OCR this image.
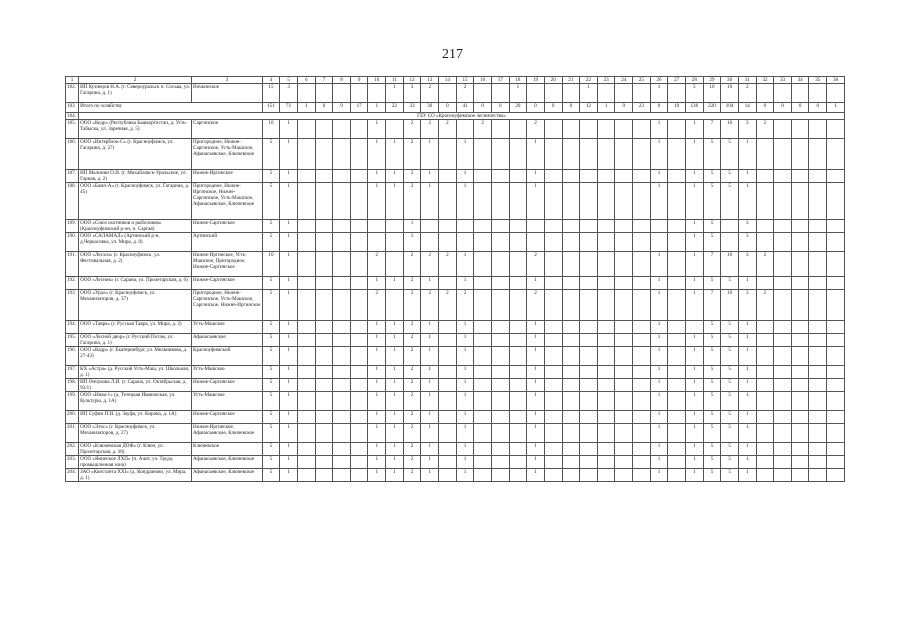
217
1	2	3	4	5	6	7	8	9	10	11	12	13	14	15	16	17	18	19	20	21	22	23	24	25	26	27	28	29	30	31	32	33	34	35	36
182.	ИП Кузнецов Н.А. (г. Североуральск п. Сосьва, ул. Гагарина, д. 1)	Ночкинское	15	3						1	3	2		2			1				1				1		5	10	10	2					
183	Итого по хозяйству		151	71	1	0	9	17	1	22	33	36	0	41	0	0	20	0	0	0	12	1	0	23	0	19	136	220	104	14	0	0	0	0	1
184.	ГБУ СО «Красноуфимское лесничество»																																		
185.	ООО «Кедр» (Республика Башкортостан, д. Усть-Табыска, ул. Заречная, д. 5)	Саргинское	10	1					1		2	2	2		2			2							1		1	7	10	3	2				
186.	ООО «Интерблок-С» (г. Красноуфимск, ул. Гагарина, д. 27)	Пригородное, Нижне-Саргинское, Усть-Машское, Афанасьевское, Ключевское	5	1					1	1	2	1		1				1							1		1	5	5	1					
187.	ИП Малинин О.И. (г. Михайловск-Уральское, ул. Горная, д. 2)	Нижне-Иргинское	5	1					1	1	2	1		1				1							1		1	5	5	1					
188.	ООО «Бамп-А» (г. Красноуфимск, ул. Гагарина, д. 45)	Пригородное, Нижне-Иргинское, Нижне-Саргинское, Усть-Машское, Афанасьевское, Ключевское	5	1					1	1	2	1		1				1							1		1	5	5	1					
189.	ООО «Союз охотников и рыболовов» (Красноуфимский р-он, п. Саргая)	Нижне-Саргинское	5	1							1																1	5		3					
190.	ООО «САЛАМАЛ» (Артинский р-н, д.Черкасовка, ул. Мира, д. 8)	Артинский	5	1							1																1	5		3					
191.	ООО «Лесхоз» (г. Красноуфимск, ул. Фестивальная, д. 2)	Нижне-Иргинское, Усть-Машское, Пригородное, Нижне-Саргинское	10	1					2		2	2	2	1				2							1		1	7	10	3	2				
192.	ООО «Лесник» (г. Сарана, ул. Пролетарская, д. 6)	Нижне-Саргинское	5	1					1	1	2	1		1				1							1		1	5	5	1					
193	ООО «Урал» (г. Красноуфимск, ул. Механизаторов, д. 37)	Пригородное, Нижне-Саргинское, Усть-Машское, Саргинское, Нижне-Иргинское	5	1					2		2	2	2	2				2							1		1	7	10	3	2				
194.	ООО «Тавра» (г. Русская Тавра, ул. Мира, д. 2)	Усть-Машское	5	1					1	1	2	1		1				1							1			5	5	1					
195.	ООО «Лесной двор» (г. Русский Потам, ул. Гагарина, д. 1)	Афанасьевское	5	1					1	1	2	1		1				1							1		1	5	5	1					
196.	ООО «Вадр» (г. Екатеринбург, ул. Мельникова, д. 27-43)	Красноуфимский	5	1					1	1	2	1		1				1							1		1	5	5	1					
197.	КХ «Астра» (д. Русский Усть-Маш, ул. Школьная, д. 1)	Усть-Машское	5	1					1	1	2	1		1				1							1		1	5	5	1					
198.	ИП Ончукова Л.И. (г. Сарана, ул. Октябрьская, д. 93/1)	Нижне-Саргинское	5	1					1	1	2	1		1				1							1		1	5	5	1					
199.	ООО «Нива-1» (д. Тетецкая Ивановская, ул. Культуры, д. 1А)	Усть-Машское	5	1					1	1	2	1		1				1							1		1	5	5	1					
200.	ИП Суфин П.И. (д. Зауфа, ул. Кирова, д. 1А)	Нижне-Саргинское	5	1					1	1	2	1		1				1							1		1	5	5	1					
201.	ООО «Этос» (г. Красноуфимск, ул. Механизаторов, д. 27)	Нижне-Иргинское, Афанасьевское, Ключевское	5	1					1	1	2	1		1				1							1		1	5	5	1					
202.	ООО «Ключевская ДОФ» (г. Ключ, ул. Пролетарская, д. 38)	Ключевское	5	1					1	1	2	1		1				1							1		1	5	5	1					
203.	ООО «Янинское ЛХП» (п. Ачит, ул. Труда, промышленная зона)	Афанасьевское, Ключевское	5	1					1	1	2	1		1				1							1		1	5	5	1					
204.	ЗАО «Константа XXI» (д. Кондраново, ул. Мира, д. 1)	Афанасьевское, Ключевское	5	1					1	1	2	1		1				1							1		1	5	5	1					
